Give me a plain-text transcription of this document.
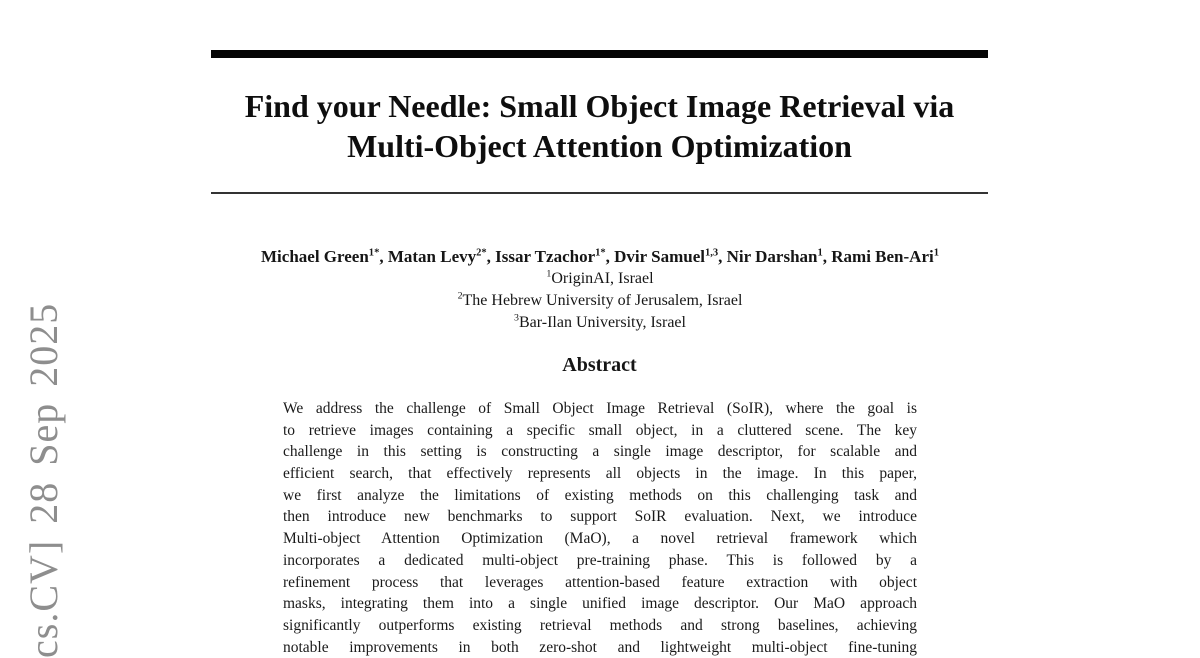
cs.CV] 28 Sep 2025
Find your Needle: Small Object Image Retrieval via
Multi-Object Attention Optimization
Michael Green$^{1*}$, Matan Levy$^{2*}$, Issar Tzachor$^{1*}$, Dvir Samuel$^{1,3}$, Nir Darshan$^1$, Rami Ben-Ari$^1$
$^1$OriginAI, Israel
$^2$The Hebrew University of Jerusalem, Israel
$^3$Bar-Ilan University, Israel
Abstract
We address the challenge of Small Object Image Retrieval (SoIR), where the goal is
to retrieve images containing a specific small object, in a cluttered scene. The key
challenge in this setting is constructing a single image descriptor, for scalable and
efficient search, that effectively represents all objects in the image. In this paper,
we first analyze the limitations of existing methods on this challenging task and
then introduce new benchmarks to support SoIR evaluation. Next, we introduce
Multi-object Attention Optimization (MaO), a novel retrieval framework which
incorporates a dedicated multi-object pre-training phase. This is followed by a
refinement process that leverages attention-based feature extraction with object
masks, integrating them into a single unified image descriptor. Our MaO approach
significantly outperforms existing retrieval methods and strong baselines, achieving
notable improvements in both zero-shot and lightweight multi-object fine-tuning
